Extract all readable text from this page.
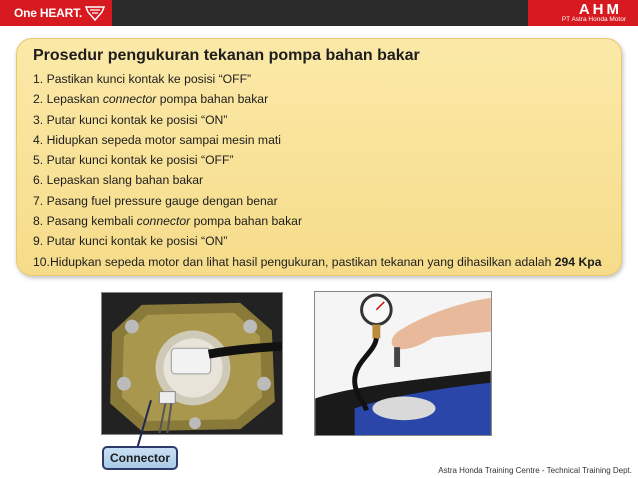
One HEART.	AHM
PT Astra Honda Motor
Prosedur pengukuran tekanan pompa bahan bakar
1. Pastikan kunci kontak ke posisi “OFF”
2. Lepaskan connector pompa bahan bakar
3. Putar kunci kontak ke posisi “ON”
4. Hidupkan sepeda motor sampai mesin mati
5. Putar kunci kontak ke posisi “OFF”
6. Lepaskan slang bahan bakar
7. Pasang fuel pressure gauge dengan benar
8. Pasang kembali connector pompa bahan bakar
9. Putar kunci kontak ke posisi “ON”
10.Hidupkan sepeda motor dan lihat hasil pengukuran, pastikan tekanan yang dihasilkan adalah 294 Kpa
Connector
Astra Honda Training Centre - Technical Training Dept.
